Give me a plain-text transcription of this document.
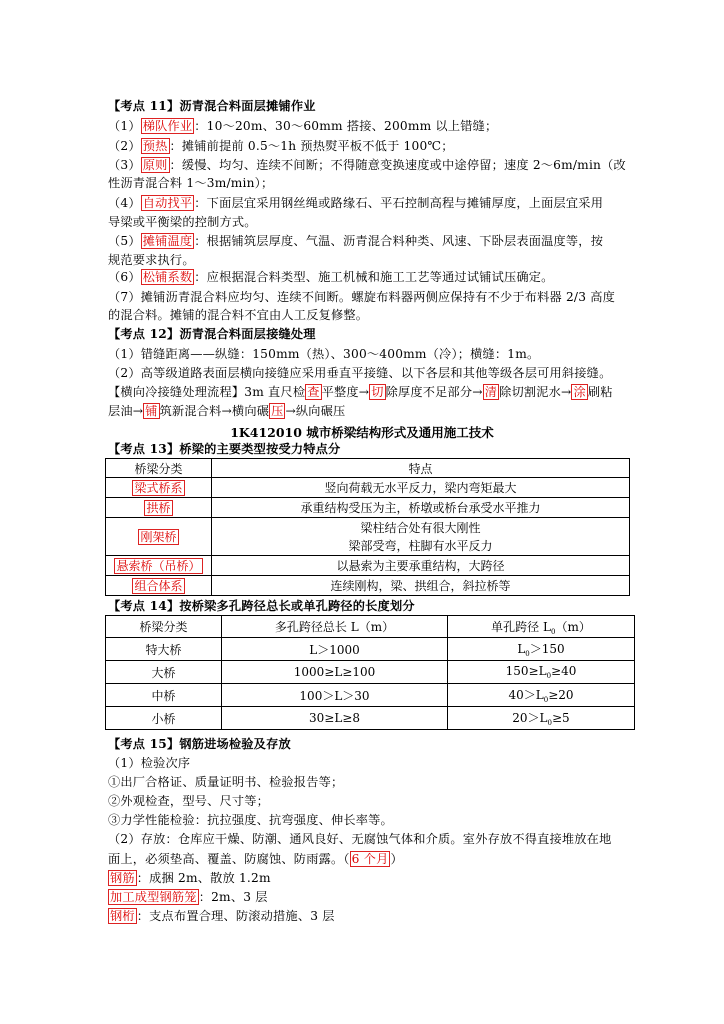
【考点 11】沥青混合料面层摊铺作业
（1） 梯队作业 ：10～20m、30～60mm 搭接、200mm 以上错缝；
（2） 预热 ：摊铺前提前 0.5～1h 预热熨平板不低于 100℃；
（3） 原则 ：缓慢、均匀、连续不间断；不得随意变换速度或中途停留；速度 2～6m/min（改
性沥青混合料 1～3m/min）；
（4） 自动找平 ：下面层宜采用钢丝绳或路缘石、平石控制高程与摊铺厚度，上面层宜采用
导梁或平衡梁的控制方式。
（5） 摊铺温度 ：根据铺筑层厚度、气温、沥青混合料种类、风速、下卧层表面温度等，按
规范要求执行。
（6） 松铺系数 ：应根据混合料类型、施工机械和施工工艺等通过试铺试压确定。
（7）摊铺沥青混合料应均匀、连续不间断。螺旋布料器两侧应保持有不少于布料器 2/3 高度
的混合料。摊铺的混合料不宜由人工反复修整。
【考点 12】沥青混合料面层接缝处理
（1）错缝距离——纵缝：150mm（热）、300～400mm（冷）；横缝：1m。
（2）高等级道路表面层横向接缝应采用垂直平接缝、以下各层和其他等级各层可用斜接缝。
【横向冷接缝处理流程】3m 直尺检 查 平整度→ 切 除厚度不足部分→ 清 除切割泥水→ 涂 刷粘
层油→ 铺 筑新混合料→横向碾 压 →纵向碾压
1K412010 城市桥梁结构形式及通用施工技术
【考点 13】桥梁的主要类型按受力特点分
桥梁分类	特点
梁式桥系	竖向荷载无水平反力，梁内弯矩最大
拱桥	承重结构受压为主，桥墩或桥台承受水平推力
刚架桥	梁柱结合处有很大刚性
梁部受弯，柱脚有水平反力

悬索桥（吊桥）	以悬索为主要承重结构，大跨径
组合体系	连续刚构，梁、拱组合，斜拉桥等
【考点 14】按桥梁多孔跨径总长或单孔跨径的长度划分
桥梁分类	多孔跨径总长 L（m）	单孔跨径 $L_0(m)$
特大桥	L＞1000	$L_0>150$
大桥	1000≥L≥100	$150\ge L_0\ge 40$
中桥	100＞L＞30	$40>L_0\ge 20$
小桥	30≥L≥8	$20>L_0\ge 5$
【考点 15】钢筋进场检验及存放
（1）检验次序
①出厂合格证、质量证明书、检验报告等；
②外观检查，型号、尺寸等；
③力学性能检验：抗拉强度、抗弯强度、伸长率等。
（2）存放：仓库应干燥、防潮、通风良好、无腐蚀气体和介质。室外存放不得直接堆放在地
面上，必须垫高、覆盖、防腐蚀、防雨露。（ 6 个月 ）
钢筋 ：成捆 2m、散放 1.2m
加工成型钢筋笼 ：2m、3 层
钢桁 ：支点布置合理、防滚动措施、3 层
